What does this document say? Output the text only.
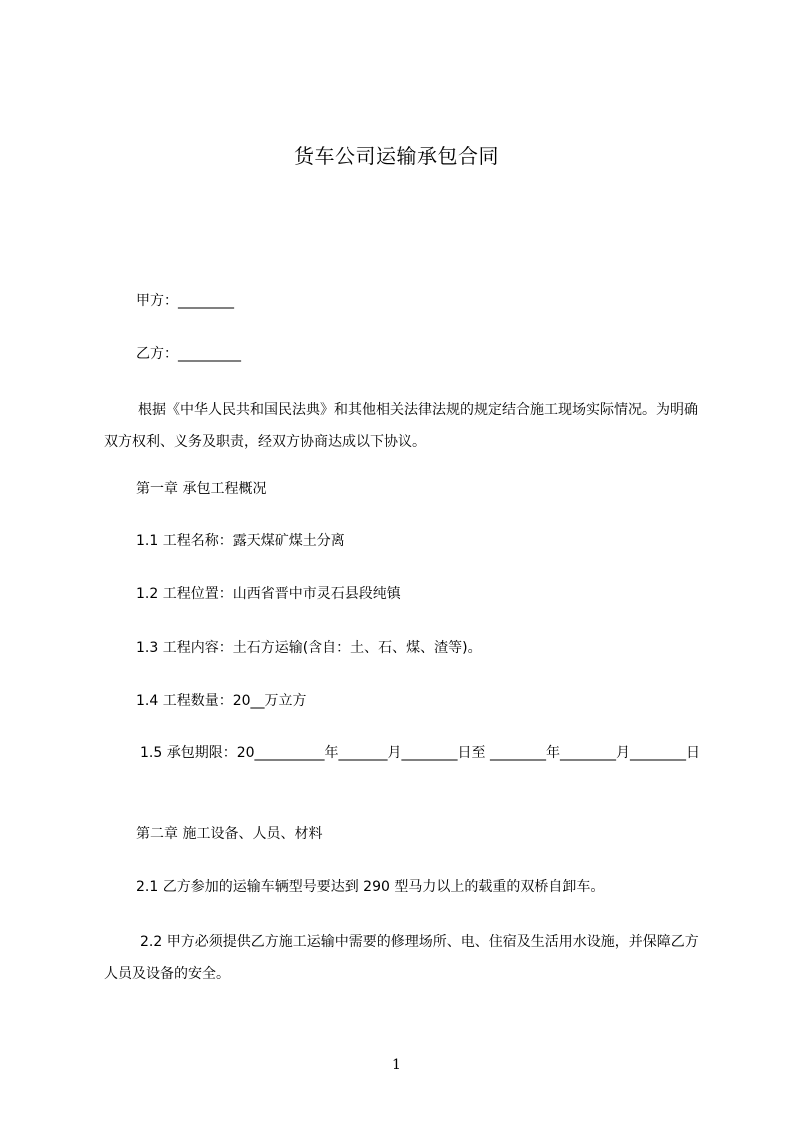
货车公司运输承包合同
甲方：________
乙方：_________
根据《中华人民共和国民法典》和其他相关法律法规的规定结合施工现场实际情况。为明确双方权利、义务及职责，经双方协商达成以下协议。
第一章 承包工程概况
1.1 工程名称：露天煤矿煤土分离
1.2 工程位置：山西省晋中市灵石县段纯镇
1.3 工程内容：土石方运输(含自：土、石、煤、渣等)。
1.4 工程数量：20__万立方
1.5 承包期限：20__________年_______月________日至 ________年________月________日
第二章 施工设备、人员、材料
2.1 乙方参加的运输车辆型号要达到 290 型马力以上的载重的双桥自卸车。
2.2 甲方必须提供乙方施工运输中需要的修理场所、电、住宿及生活用水设施，并保障乙方人员及设备的安全。
1
